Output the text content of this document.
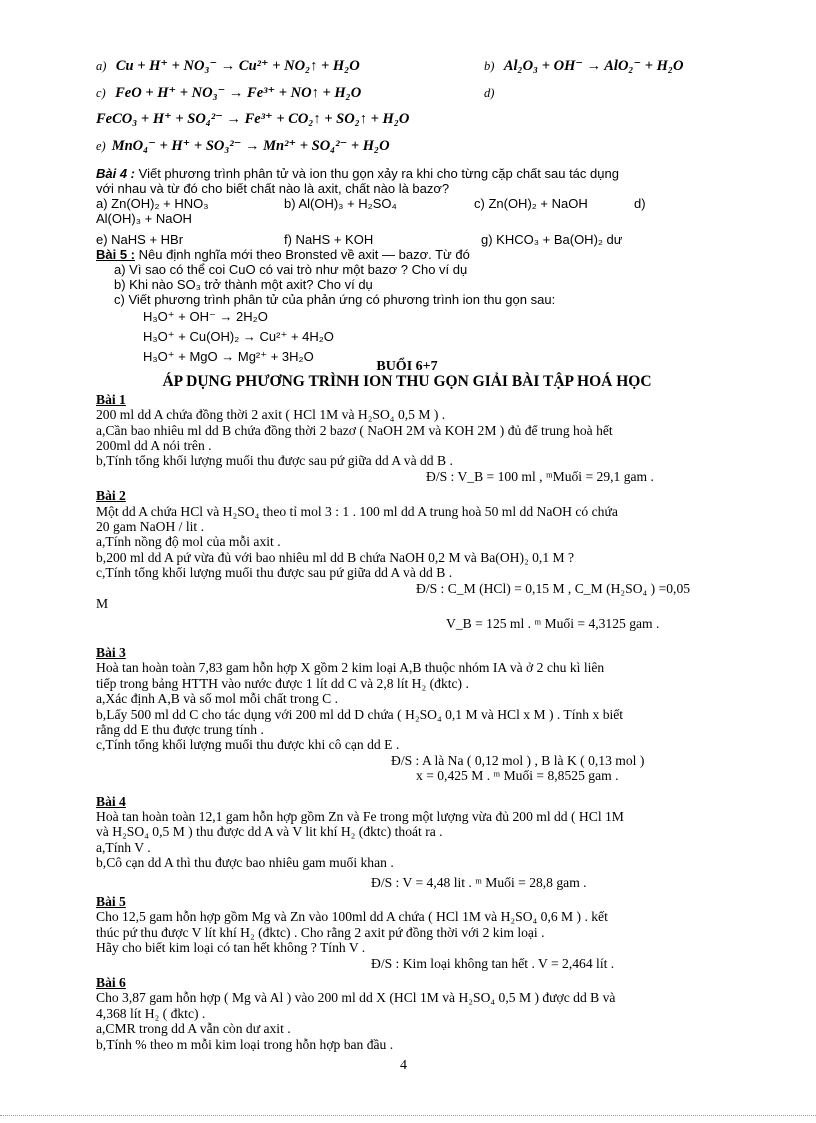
a) Cu + H⁺ + NO₃⁻ → Cu²⁺ + NO₂↑ + H₂O	b) Al₂O₃ + OH⁻ → AlO₂⁻ + H₂O
c) FeO + H⁺ + NO₃⁻ → Fe³⁺ + NO↑ + H₂O	d)
FeCO₃ + H⁺ + SO₄²⁻ → Fe³⁺ + CO₂↑ + SO₂↑ + H₂O
e) MnO₄⁻ + H⁺ + SO₃²⁻ → Mn²⁺ + SO₄²⁻ + H₂O
Bài 4 : Viết phương trình phân tử và ion thu gọn xảy ra khi cho từng cặp chất sau tác dụng
với nhau và từ đó cho biết chất nào là axit, chất nào là bazơ?
a) Zn(OH)₂ + HNO₃	b) Al(OH)₃ + H₂SO₄	c) Zn(OH)₂ + NaOH	d)
Al(OH)₃ + NaOH
e) NaHS + HBr	f) NaHS + KOH	g) KHCO₃ + Ba(OH)₂ dư
Bài 5 : Nêu định nghĩa mới theo Bronsted về axit — bazơ. Từ đó
a) Vì sao có thể coi CuO có vai trò như một bazơ ? Cho ví dụ
b) Khi nào SO₃ trở thành một axit? Cho ví dụ
c) Viết phương trình phân tử của phản ứng có phương trình ion thu gọn sau:
H₃O⁺ + OH⁻ → 2H₂O
H₃O⁺ + Cu(OH)₂ → Cu²⁺ + 4H₂O
H₃O⁺ + MgO → Mg²⁺ + 3H₂O
BUỔI 6+7
ÁP DỤNG PHƯƠNG TRÌNH ION THU GỌN GIẢI BÀI TẬP HOÁ HỌC
Bài 1
200 ml dd A chứa đồng thời 2 axit ( HCl 1M và H₂SO₄ 0,5 M ) .
a,Cần bao nhiêu ml dd B chứa đồng thời 2 bazơ ( NaOH 2M và KOH 2M ) đủ để trung hoà hết
200ml dd A nói trên .
b,Tính tổng khối lượng muối thu được sau pứ giữa dd A và dd B .
Đ/S : V_B = 100 ml , ᵐMuối = 29,1 gam .
Bài 2
Một dd A chứa HCl và H₂SO₄ theo tỉ mol 3 : 1 . 100 ml dd A trung hoà 50 ml dd NaOH có chứa
20 gam NaOH / lit .
a,Tính nồng độ mol của mỗi axit .
b,200 ml dd A pứ vừa đủ với bao nhiêu ml dd B chứa NaOH 0,2 M và Ba(OH)₂ 0,1 M ?
c,Tính tổng khối lượng muối thu được sau pứ giữa dd A và dd B .
Đ/S : C_M (HCl) = 0,15 M , C_M (H₂SO₄ ) =0,05
M
V_B = 125 ml . ᵐ Muối = 4,3125 gam .
Bài 3
Hoà tan hoàn toàn 7,83 gam hỗn hợp X gồm 2 kim loại A,B thuộc nhóm IA và ở 2 chu kì liên
tiếp trong bảng HTTH vào nước được 1 lít dd C và 2,8 lít H₂ (đktc) .
a,Xác định A,B và số mol mỗi chất trong C .
b,Lấy 500 ml dd C cho tác dụng với 200 ml dd D chứa ( H₂SO₄ 0,1 M và HCl x M ) . Tính x biết
rằng dd E thu được trung tính .
c,Tính tổng khối lượng muối thu được khi cô cạn dd E .
Đ/S : A là Na ( 0,12 mol ) , B là K ( 0,13 mol )
x = 0,425 M . ᵐ Muối = 8,8525 gam .
Bài 4
Hoà tan hoàn toàn 12,1 gam hỗn hợp gồm Zn và Fe trong một lượng vừa đủ 200 ml dd ( HCl 1M
và H₂SO₄ 0,5 M ) thu được dd A và V lit khí H₂ (đktc) thoát ra .
a,Tính V .
b,Cô cạn dd A thì thu được bao nhiêu gam muối khan .
Đ/S : V = 4,48 lit . ᵐ Muối = 28,8 gam .
Bài 5
Cho 12,5 gam hỗn hợp gồm Mg và Zn vào 100ml dd A chứa ( HCl 1M và H₂SO₄ 0,6 M ) . kết
thúc pứ thu được V lít khí H₂ (đktc) . Cho rằng 2 axit pứ đồng thời với 2 kim loại .
Hãy cho biết kim loại có tan hết không ? Tính V .
Đ/S : Kim loại không tan hết . V = 2,464 lít .
Bài 6
Cho 3,87 gam hỗn hợp ( Mg và Al ) vào 200 ml dd X (HCl 1M và H₂SO₄ 0,5 M ) được dd B và
4,368 lít H₂ ( đktc) .
a,CMR trong dd A vẫn còn dư axit .
b,Tính % theo m mỗi kim loại trong hỗn hợp ban đầu .
4
